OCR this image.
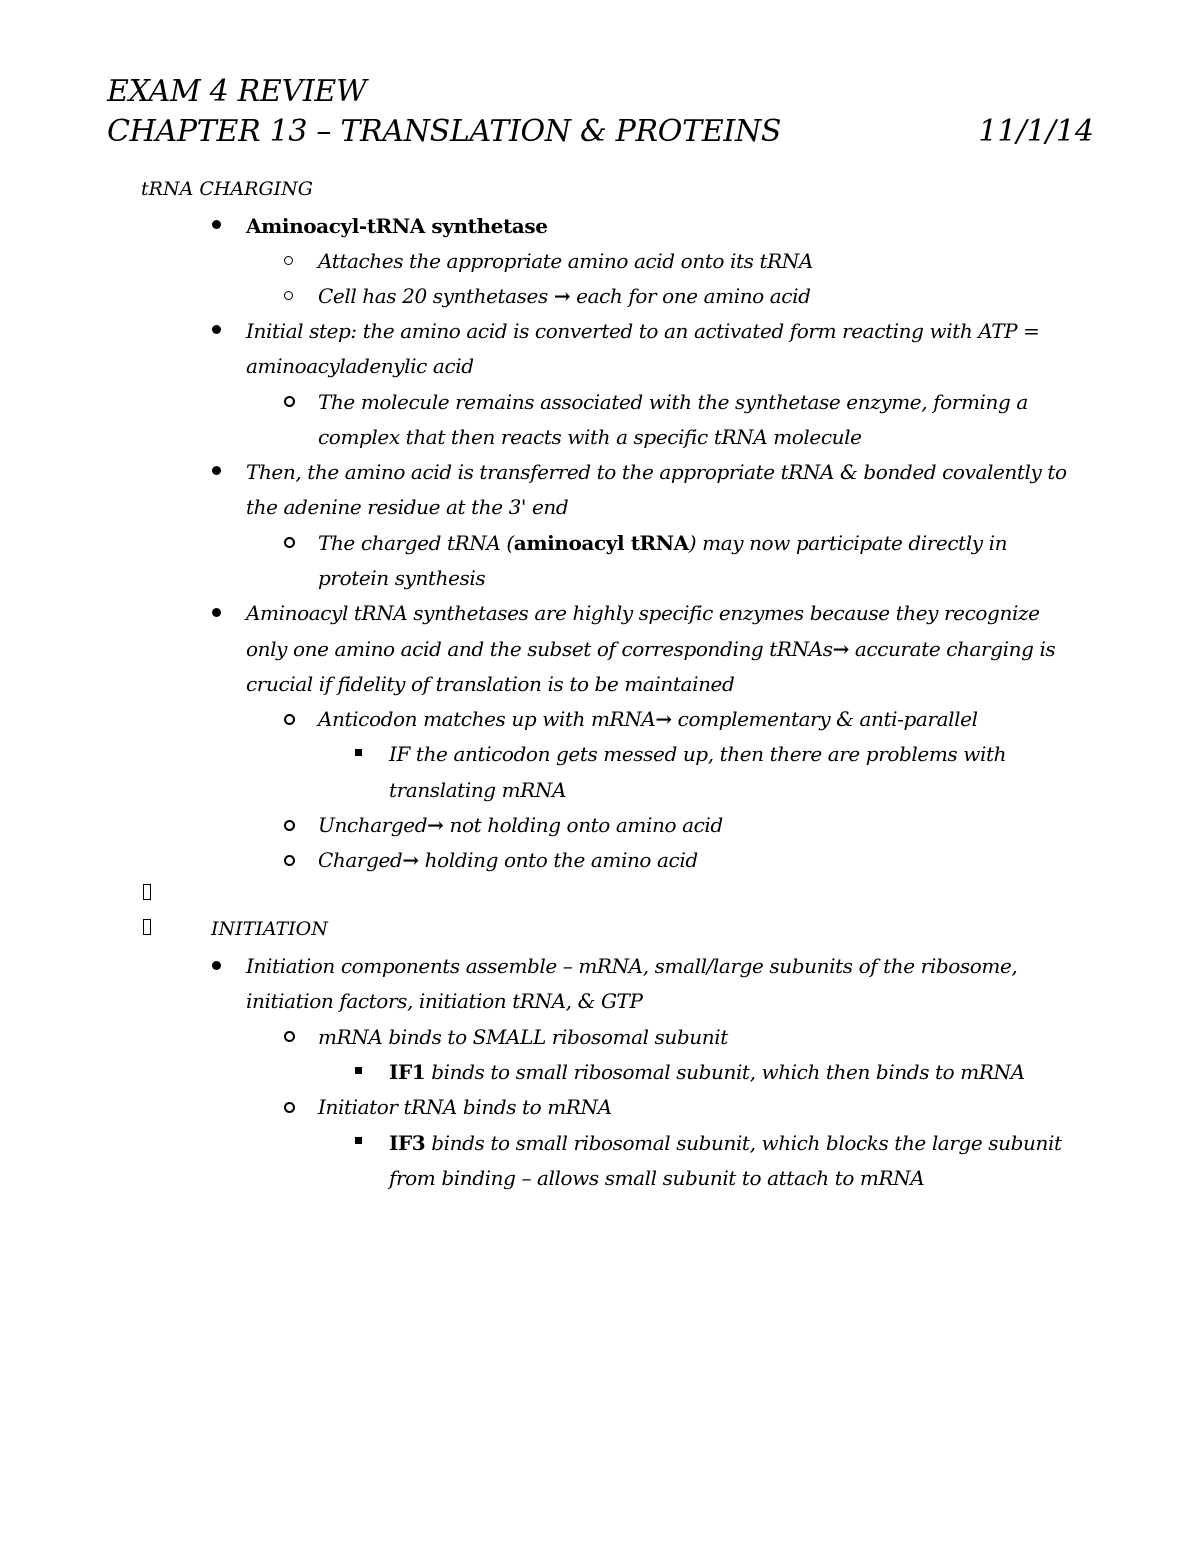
EXAM 4 REVIEW
CHAPTER 13 – TRANSLATION & PROTEINS	11/1/14
tRNA CHARGING
Aminoacyl-tRNA synthetase
Attaches the appropriate amino acid onto its tRNA
Cell has 20 synthetases → each for one amino acid
Initial step: the amino acid is converted to an activated form reacting with ATP =
aminoacyladenylic acid
The molecule remains associated with the synthetase enzyme, forming a
complex that then reacts with a specific tRNA molecule
Then, the amino acid is transferred to the appropriate tRNA & bonded covalently to
the adenine residue at the 3' end
The charged tRNA (aminoacyl tRNA) may now participate directly in
protein synthesis
Aminoacyl tRNA synthetases are highly specific enzymes because they recognize
only one amino acid and the subset of corresponding tRNAs→ accurate charging is
crucial if fidelity of translation is to be maintained
Anticodon matches up with mRNA→ complementary & anti-parallel
IF the anticodon gets messed up, then there are problems with
translating mRNA
Uncharged→ not holding onto amino acid
Charged→ holding onto the amino acid
INITIATION
Initiation components assemble – mRNA, small/large subunits of the ribosome,
initiation factors, initiation tRNA, & GTP
mRNA binds to SMALL ribosomal subunit
IF1 binds to small ribosomal subunit, which then binds to mRNA
Initiator tRNA binds to mRNA
IF3 binds to small ribosomal subunit, which blocks the large subunit
from binding – allows small subunit to attach to mRNA
